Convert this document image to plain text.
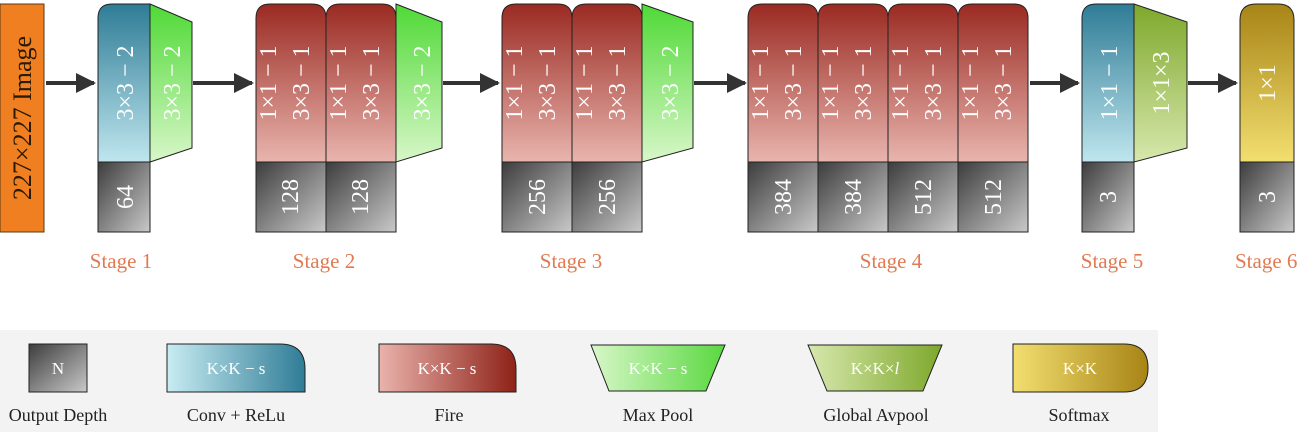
227×227 Image	3×3 − 2 3×3 − 2
64
Stage 1
1×1 − 1 3×3 − 1 1×1 − 1 3×3 − 1 3×3 − 2
128 128
Stage 2
1×1 − 1 3×3 − 1 1×1 − 1 3×3 − 1 3×3 − 2
256 256
Stage 3
1×1 − 1 3×3 − 1 1×1 − 1 3×3 − 1 1×1 − 1 3×3 − 1 1×1 − 1 3×3 − 1
384 384 512 512
Stage 4
1×1 − 1 1×1×3
3
Stage 5
1×1
3
Stage 6
N
Output Depth
K×K − s
Conv + ReLu
K×K − s
Fire
K×K − s
Max Pool
K×K×l
Global Avpool
K×K
Softmax
